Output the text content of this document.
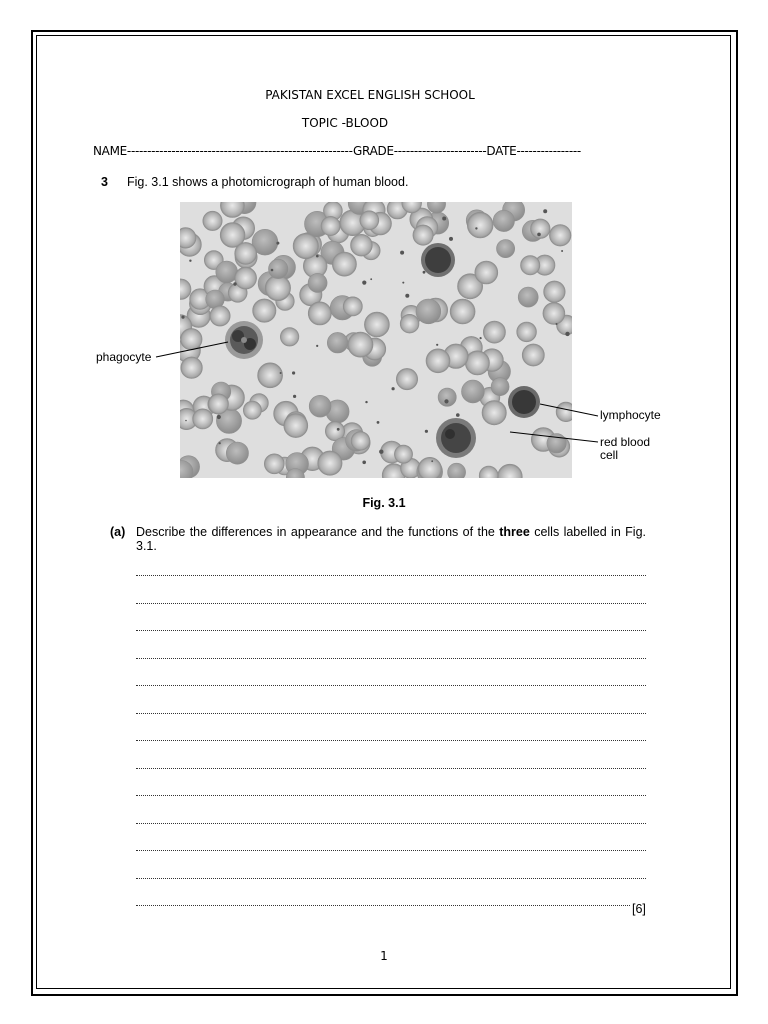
PAKISTAN EXCEL ENGLISH SCHOOL
TOPIC -BLOOD
NAME--------------------------------------------------------GRADE-----------------------DATE----------------
3 Fig. 3.1 shows a photomicrograph of human blood.
phagocyte
lymphocyte
red blood
cell
Fig. 3.1
(a) Describe the differences in appearance and the functions of the three cells labelled in Fig. 3.1.
[6]
1
